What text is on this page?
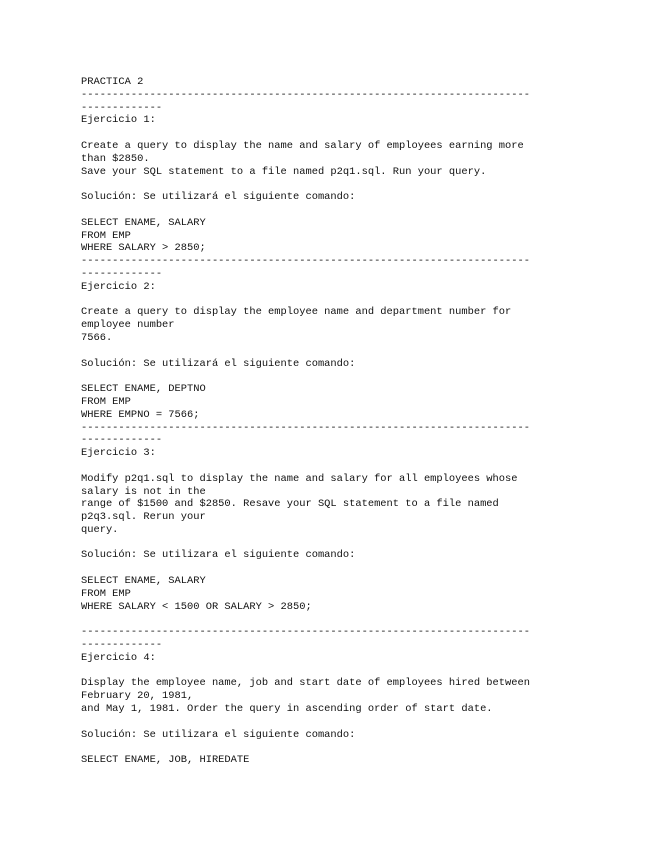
PRACTICA 2
------------------------------------------------------------------------
-------------
Ejercicio 1:
Create a query to display the name and salary of employees earning more
than $2850.
Save your SQL statement to a file named p2q1.sql. Run your query.
Solución: Se utilizará el siguiente comando:
SELECT ENAME, SALARY
FROM EMP
WHERE SALARY > 2850;
------------------------------------------------------------------------
-------------
Ejercicio 2:
Create a query to display the employee name and department number for
employee number
7566.
Solución: Se utilizará el siguiente comando:
SELECT ENAME, DEPTNO
FROM EMP
WHERE EMPNO = 7566;
------------------------------------------------------------------------
-------------
Ejercicio 3:
Modify p2q1.sql to display the name and salary for all employees whose
salary is not in the
range of $1500 and $2850. Resave your SQL statement to a file named
p2q3.sql. Rerun your
query.
Solución: Se utilizara el siguiente comando:
SELECT ENAME, SALARY
FROM EMP
WHERE SALARY < 1500 OR SALARY > 2850;
------------------------------------------------------------------------
-------------
Ejercicio 4:
Display the employee name, job and start date of employees hired between
February 20, 1981,
and May 1, 1981. Order the query in ascending order of start date.
Solución: Se utilizara el siguiente comando:
SELECT ENAME, JOB, HIREDATE
